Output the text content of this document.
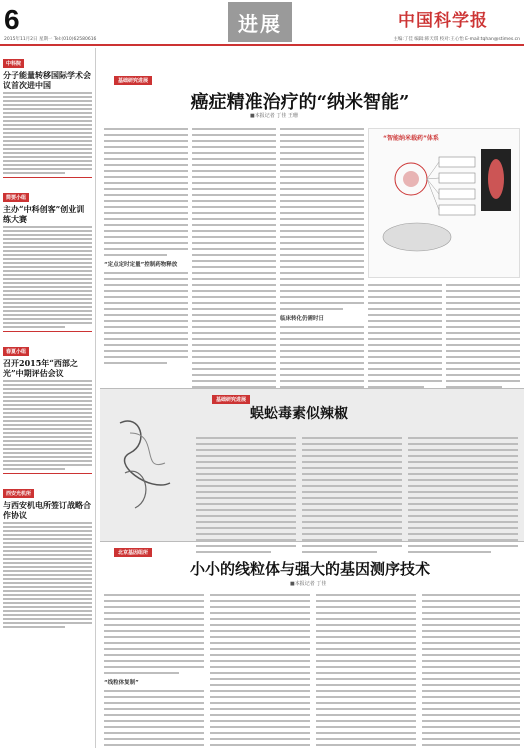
6	进展	中国科学报
2015年11月2日 星期一 Tel:(010)62580616	主编:丁佳 编辑:韩天琪 校对:王心怡 E-mail:tqhan@stimes.cn
中科院
分子能量转移国际学术会议首次进中国
简要小组
主办“中科创客”创业训练大赛
春夏小组
召开2015年“西部之光”中期评估会议
西安光机所
与西安机电所签订战略合作协议
基础研究进展
癌症精准治疗的“纳米智能”
■本报记者 丁佳 王珊
“定点定时定量”控制药物释放
临床转化仍需时日
“智能纳米载药”体系
基础研究进展
蜈蚣毒素似辣椒
北京基因组所
小小的线粒体与强大的基因测序技术
■本报记者 丁佳
“线粒体复制”
